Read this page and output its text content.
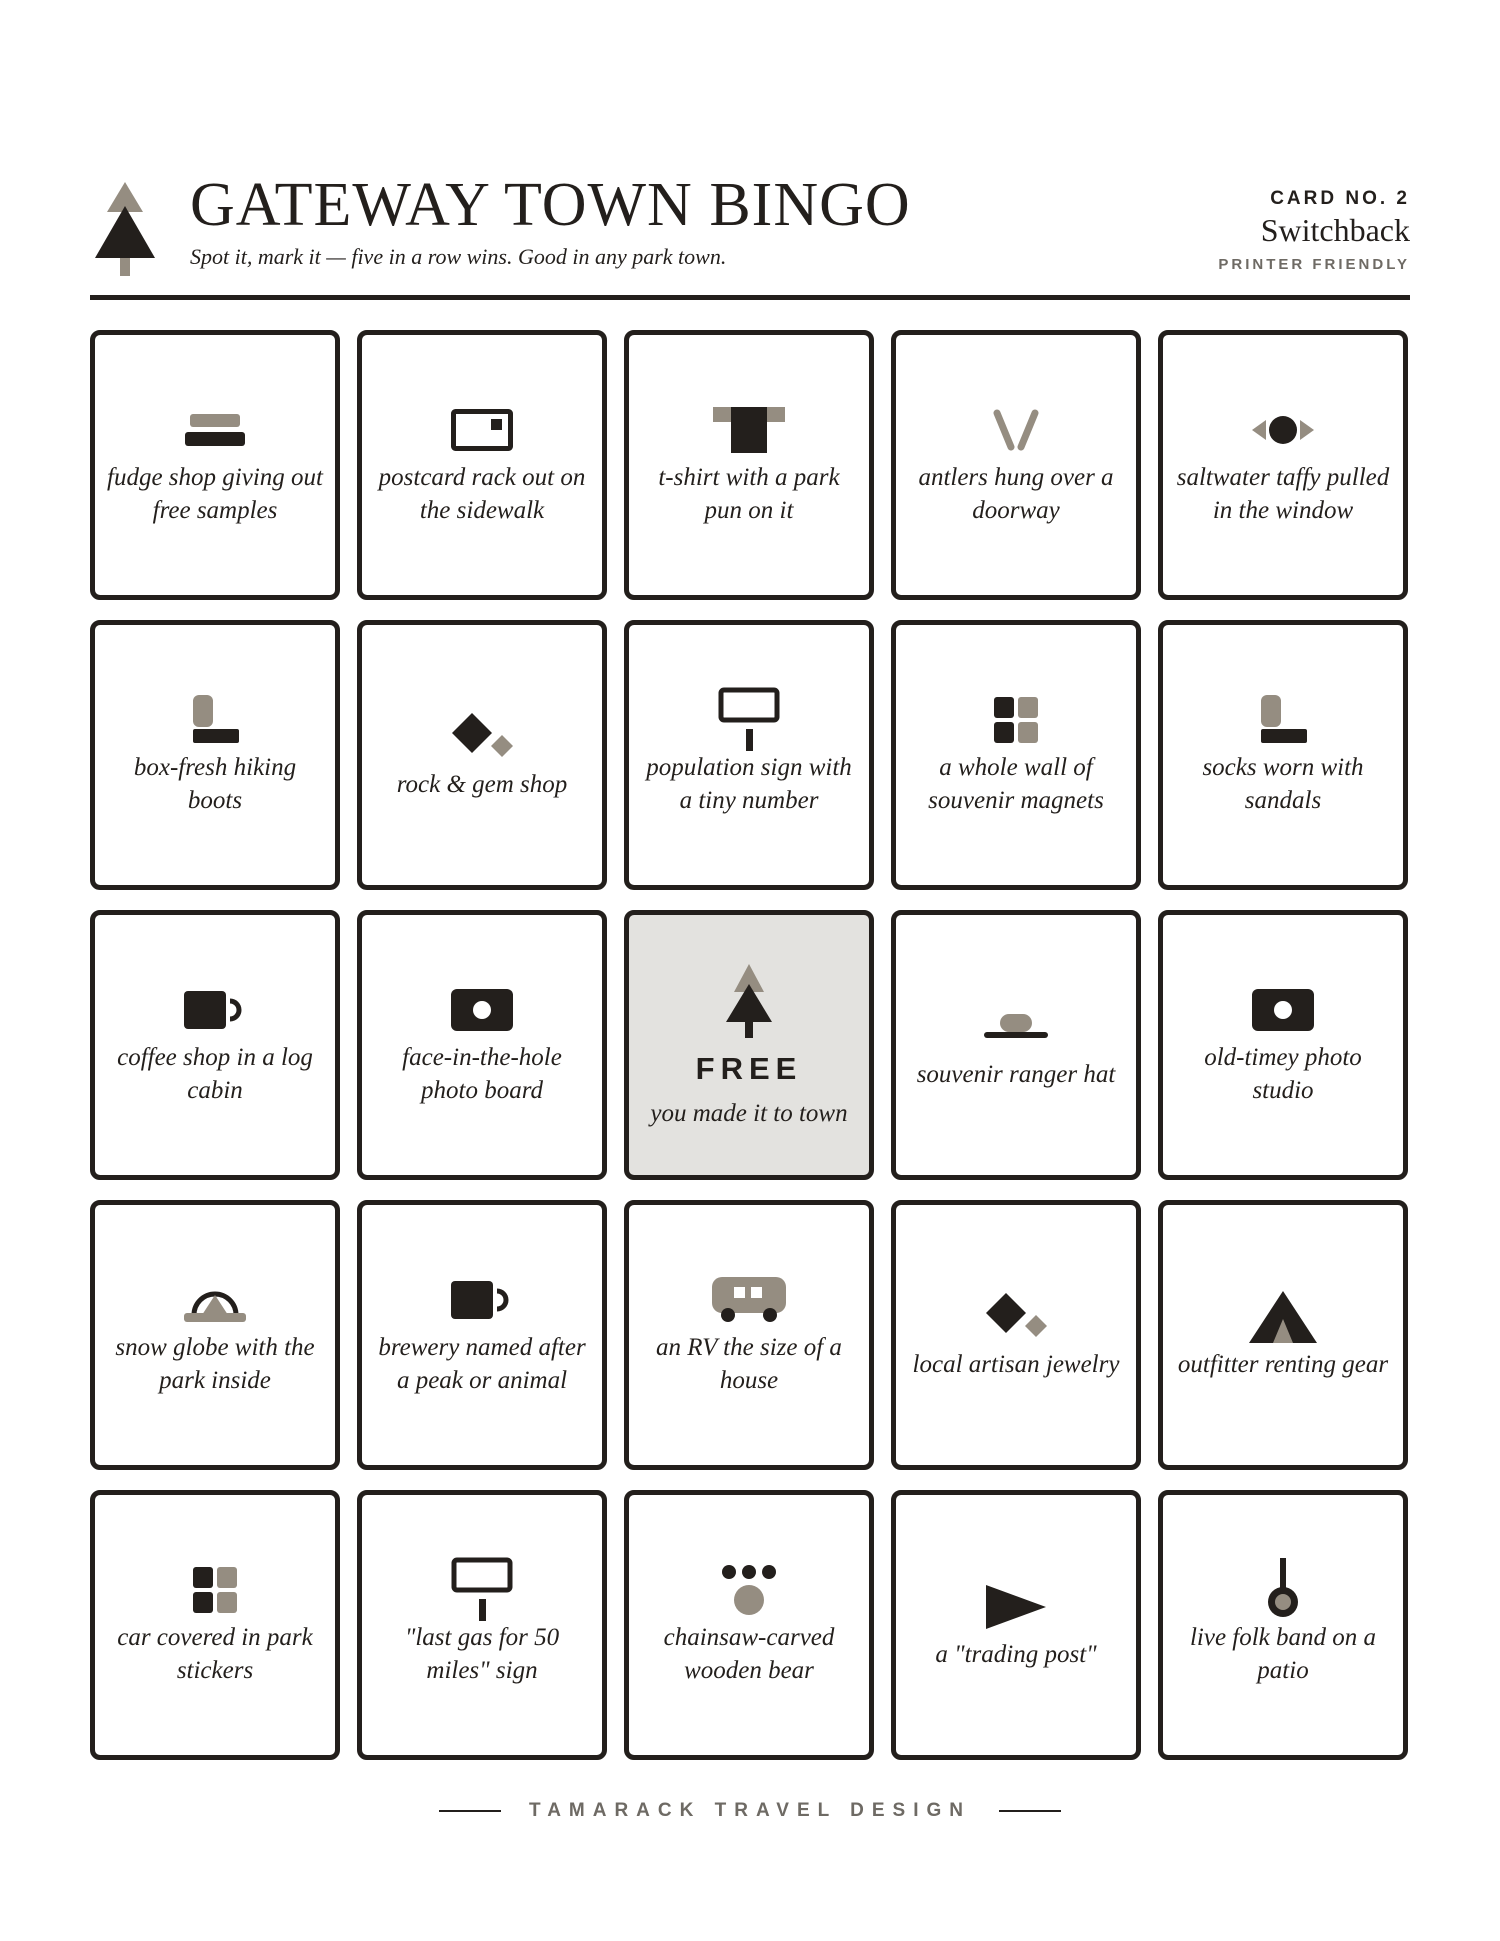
GATEWAY TOWN BINGO
Spot it, mark it — five in a row wins. Good in any park town.
CARD NO. 2
Switchback
PRINTER FRIENDLY
fudge shop giving out free samples
postcard rack out on the sidewalk
t-shirt with a park pun on it
antlers hung over a doorway
saltwater taffy pulled in the window
box-fresh hiking boots
rock & gem shop
population sign with a tiny number
a whole wall of souvenir magnets
socks worn with sandals
coffee shop in a log cabin
face-in-the-hole photo board
FREE
you made it to town
souvenir ranger hat
old-timey photo studio
snow globe with the park inside
brewery named after a peak or animal
an RV the size of a house
local artisan jewelry outfitter renting gear
car covered in park stickers
"last gas for 50 miles" sign
chainsaw-carved wooden bear
a "trading post"
live folk band on a patio
TAMARACK TRAVEL DESIGN
